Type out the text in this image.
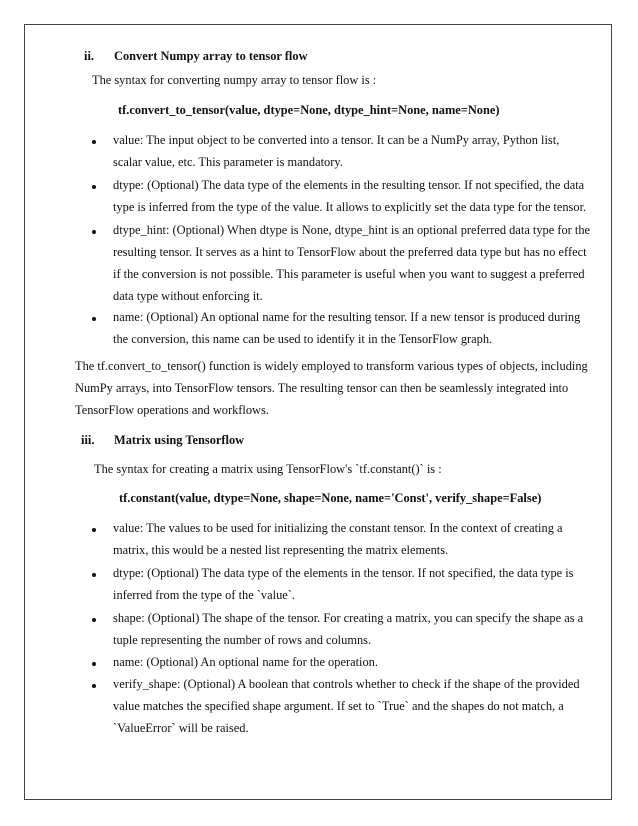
ii. Convert Numpy array to tensor flow
The syntax for converting numpy array to tensor flow is :
tf.convert_to_tensor(value, dtype=None, dtype_hint=None, name=None)
value: The input object to be converted into a tensor. It can be a NumPy array, Python list,
scalar value, etc. This parameter is mandatory.
dtype: (Optional) The data type of the elements in the resulting tensor. If not specified, the data
type is inferred from the type of the value. It allows to explicitly set the data type for the tensor.
dtype_hint: (Optional) When dtype is None, dtype_hint is an optional preferred data type for the
resulting tensor. It serves as a hint to TensorFlow about the preferred data type but has no effect
if the conversion is not possible. This parameter is useful when you want to suggest a preferred
data type without enforcing it.
name: (Optional) An optional name for the resulting tensor. If a new tensor is produced during
the conversion, this name can be used to identify it in the TensorFlow graph.
The tf.convert_to_tensor() function is widely employed to transform various types of objects, including
NumPy arrays, into TensorFlow tensors. The resulting tensor can then be seamlessly integrated into
TensorFlow operations and workflows.
iii. Matrix using Tensorflow
The syntax for creating a matrix using TensorFlow's `tf.constant()` is :
tf.constant(value, dtype=None, shape=None, name='Const', verify_shape=False)
value: The values to be used for initializing the constant tensor. In the context of creating a
matrix, this would be a nested list representing the matrix elements.
dtype: (Optional) The data type of the elements in the tensor. If not specified, the data type is
inferred from the type of the `value`.
shape: (Optional) The shape of the tensor. For creating a matrix, you can specify the shape as a
tuple representing the number of rows and columns.
name: (Optional) An optional name for the operation.
verify_shape: (Optional) A boolean that controls whether to check if the shape of the provided
value matches the specified shape argument. If set to `True` and the shapes do not match, a
`ValueError` will be raised.
